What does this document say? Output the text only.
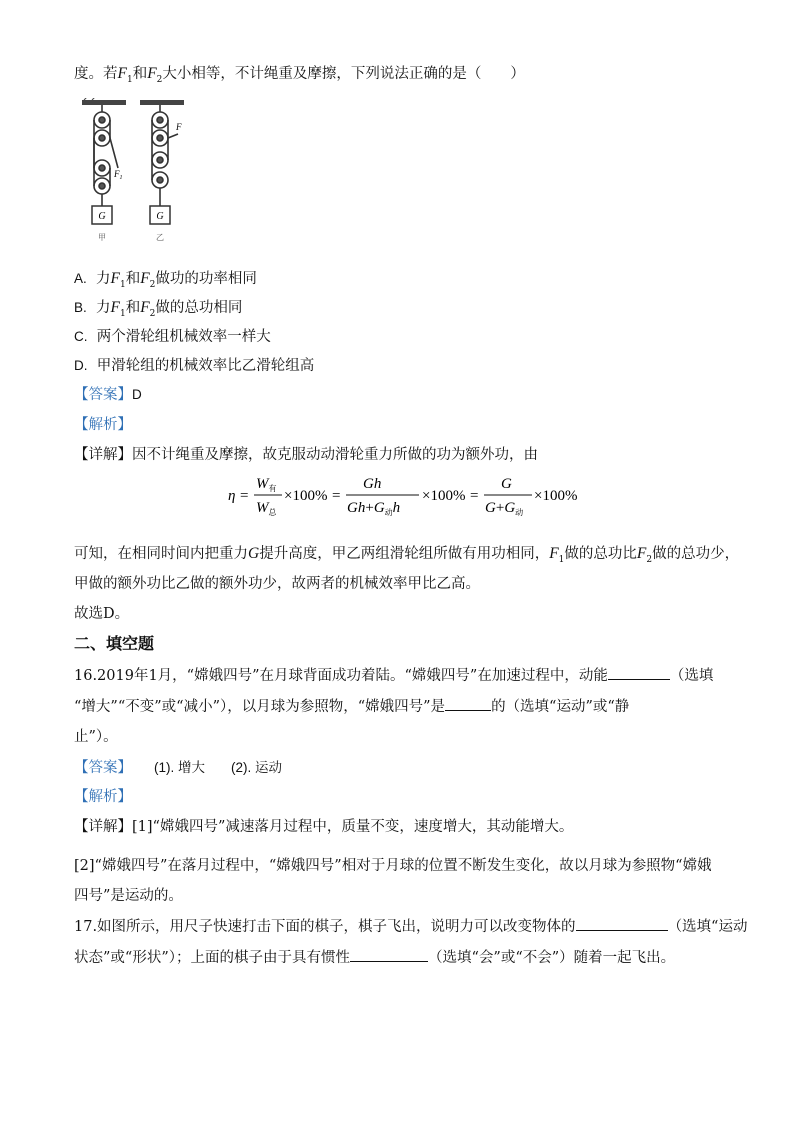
度。若$F_1$和$F_2$大小相等，不计绳重及摩擦，下列说法正确的是（　　）
$F_1$
G
甲
F
G
乙
A. 力$F_1$和$F_2$做功的功率相同
B. 力$F_1$和$F_2$做的总功相同
C. 两个滑轮组机械效率一样大
D. 甲滑轮组的机械效率比乙滑轮组高
【答案】D
【解析】
【详解】因不计绳重及摩擦，故克服动动滑轮重力所做的功为额外功，由
η =
$W_有$
$W_总$
×100% =
Gh
$Gh+G_动h$
×100% =
G
$G+G_动$
×100%
可知，在相同时间内把重力G提升高度，甲乙两组滑轮组所做有用功相同，$F_1$做的总功比$F_2$做的总功少，
甲做的额外功比乙做的额外功少，故两者的机械效率甲比乙高。
故选D。
二、填空题
16.2019年1月，“嫦娥四号”在月球背面成功着陆。“嫦娥四号”在加速过程中，动能	（选填
“增大”“不变”或“减小”），以月球为参照物，“嫦娥四号”是	的（选填“运动”或“静
止”）。
【答案】 (1). 增大 (2). 运动
【解析】
【详解】[1]“嫦娥四号”减速落月过程中，质量不变，速度增大，其动能增大。
[2]“嫦娥四号”在落月过程中，“嫦娥四号”相对于月球的位置不断发生变化，故以月球为参照物“嫦娥
四号”是运动的。
17.如图所示，用尺子快速打击下面的棋子，棋子飞出，说明力可以改变物体的	（选填“运动
状态”或“形状”）；上面的棋子由于具有惯性	（选填“会”或“不会”）随着一起飞出。
